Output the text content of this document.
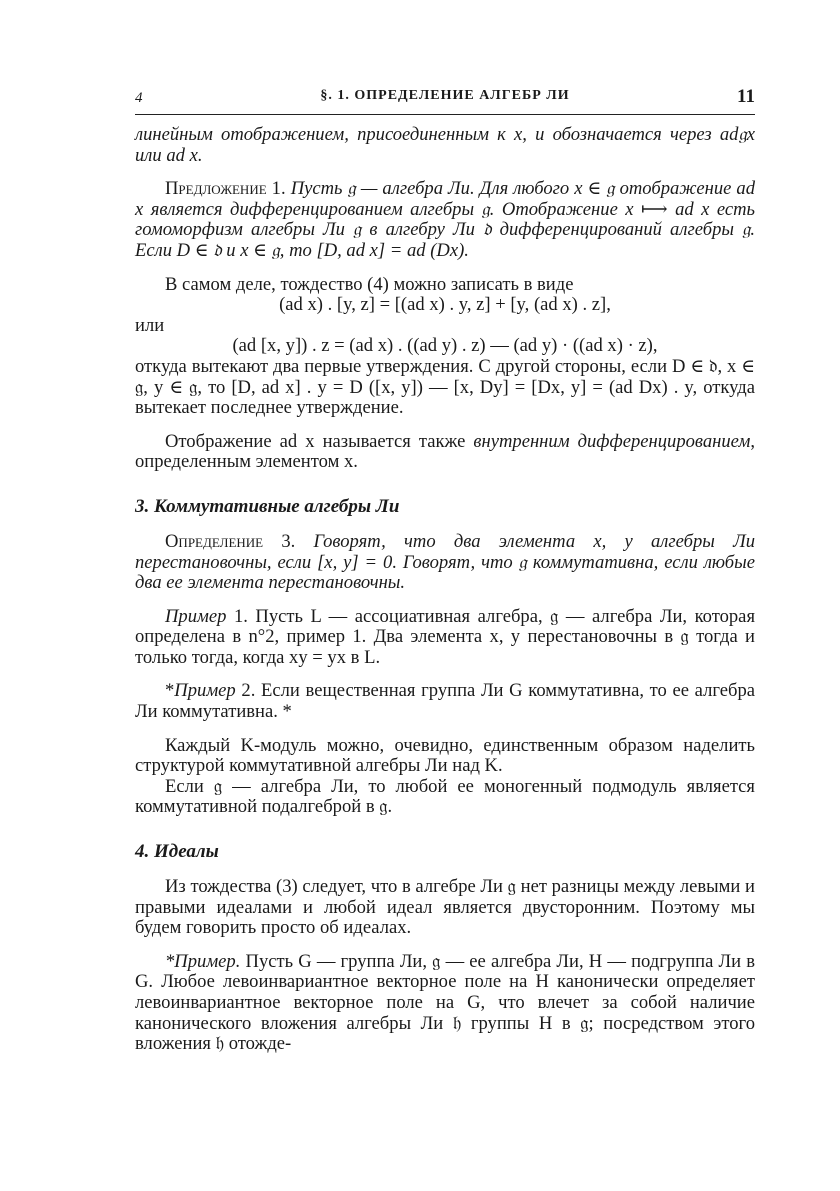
4	§. 1. ОПРЕДЕЛЕНИЕ АЛГЕБР ЛИ	11

линейным отображением, присоединенным к x, и обозначается через ad𝔤x или ad x.

Предложение 1. Пусть 𝔤 — алгебра Ли. Для любого x ∈ 𝔤 отображение ad x является дифференцированием алгебры 𝔤. Отображение x ⟼ ad x есть гомоморфизм алгебры Ли 𝔤 в алгебру Ли 𝔡 дифференцирований алгебры 𝔤. Если D ∈ 𝔡 и x ∈ 𝔤, то [D, ad x] = ad (Dx).

В самом деле, тождество (4) можно записать в виде

(ad x) . [y, z] = [(ad x) . y, z] + [y, (ad x) . z],

или

(ad [x, y]) . z = (ad x) . ((ad y) . z) — (ad y) · ((ad x) · z),

откуда вытекают два первые утверждения. С другой стороны, если D ∈ 𝔡, x ∈ 𝔤, y ∈ 𝔤, то [D, ad x] . y = D ([x, y]) — [x, Dy] = [Dx, y] = (ad Dx) . y, откуда вытекает последнее утверждение.

Отображение ad x называется также внутренним дифференцированием, определенным элементом x.

3. Коммутативные алгебры Ли

Определение 3. Говорят, что два элемента x, y алгебры Ли перестановочны, если [x, y] = 0. Говорят, что 𝔤 коммутативна, если любые два ее элемента перестановочны.

Пример 1. Пусть L — ассоциативная алгебра, 𝔤 — алгебра Ли, которая определена в n°2, пример 1. Два элемента x, y перестановочны в 𝔤 тогда и только тогда, когда xy = yx в L.

*Пример 2. Если вещественная группа Ли G коммутативна, то ее алгебра Ли коммутативна. *

Каждый K-модуль можно, очевидно, единственным образом наделить структурой коммутативной алгебры Ли над K.

Если 𝔤 — алгебра Ли, то любой ее моногенный подмодуль является коммутативной подалгеброй в 𝔤.

4. Идеалы

Из тождества (3) следует, что в алгебре Ли 𝔤 нет разницы между левыми и правыми идеалами и любой идеал является двусторонним. Поэтому мы будем говорить просто об идеалах.

*Пример. Пусть G — группа Ли, 𝔤 — ее алгебра Ли, H — подгруппа Ли в G. Любое левоинвариантное векторное поле на H канонически определяет левоинвариантное векторное поле на G, что влечет за собой наличие канонического вложения алгебры Ли 𝔥 группы H в 𝔤; посредством этого вложения 𝔥 отожде-
